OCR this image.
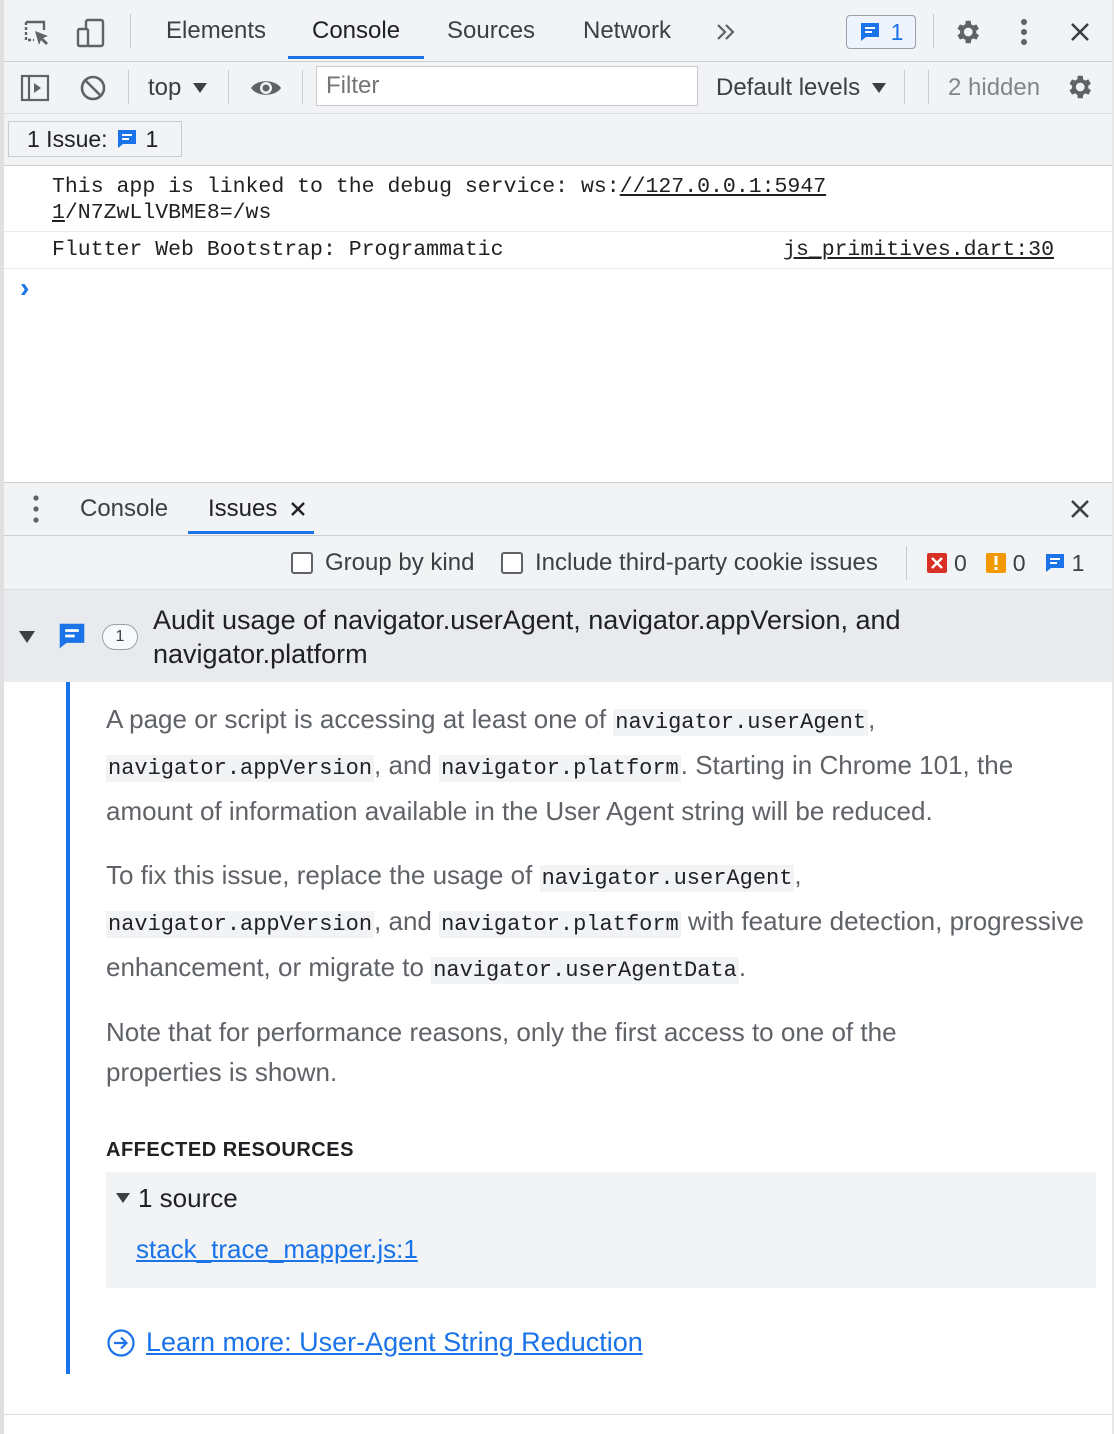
Elements Console Sources Network	1
top
Filter	Default levels	2 hidden
1 Issue: 1
This app is linked to the debug service: ws://127.0.0.1:5947
1/N7ZwLlVBME8=/ws
Flutter Web Bootstrap: Programmatic	js_primitives.dart:30
›
Console Issues
Group by kind	Include third-party cookie issues	0 0 1
1
Audit usage of navigator.userAgent, navigator.appVersion, and
navigator.platform
A page or script is accessing at least one of navigator.userAgent,
navigator.appVersion, and navigator.platform. Starting in Chrome 101, the amount of information available in the User Agent string will be reduced.
To fix this issue, replace the usage of navigator.userAgent,
navigator.appVersion, and navigator.platform with feature detection, progressive enhancement, or migrate to navigator.userAgentData.
Note that for performance reasons, only the first access to one of the properties is shown.
AFFECTED RESOURCES
1 source
stack_trace_mapper.js:1
Learn more: User-Agent String Reduction
